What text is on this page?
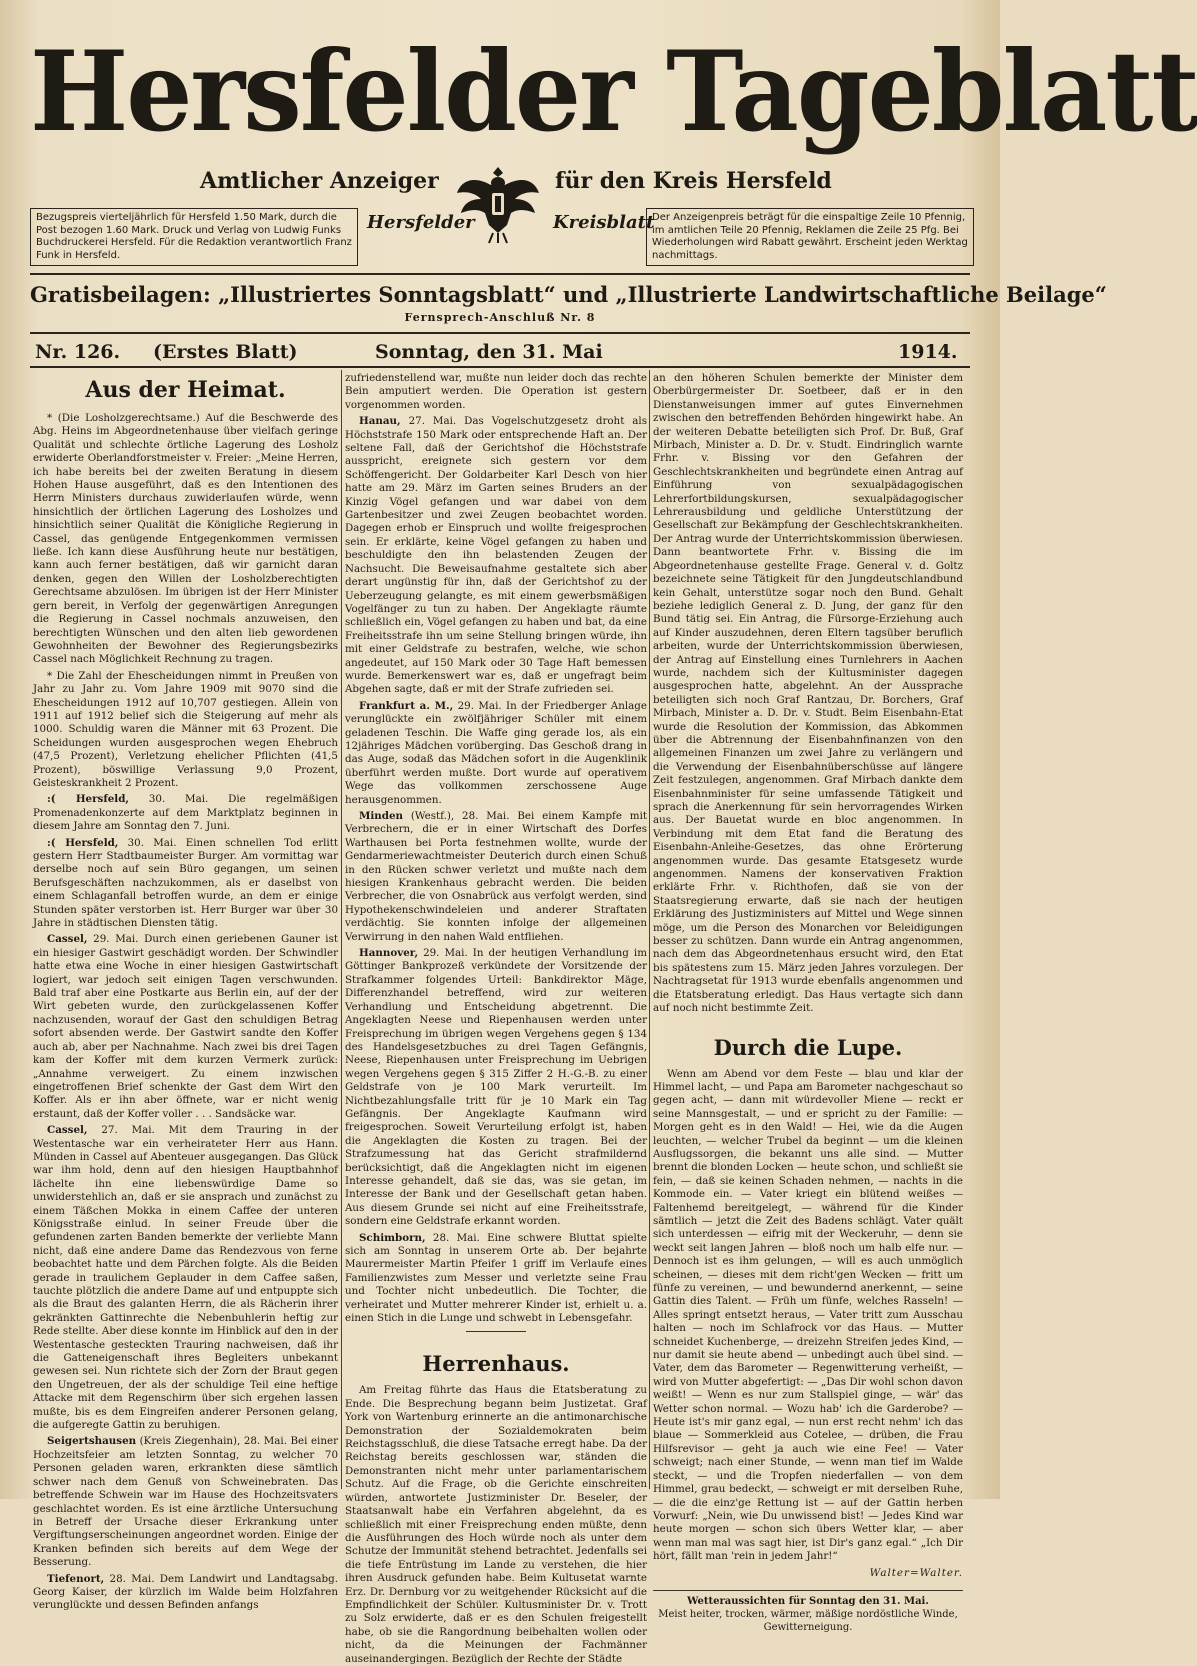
Hersfelder Tageblatt
Amtlicher Anzeiger	für den Kreis Hersfeld
Hersfelder	Kreisblatt
Bezugspreis vierteljährlich für Hersfeld 1.50 Mark, durch die Post bezogen 1.60 Mark. Druck und Verlag von Ludwig Funks Buchdruckerei Hersfeld. Für die Redaktion verantwortlich Franz Funk in Hersfeld.
Der Anzeigenpreis beträgt für die einspaltige Zeile 10 Pfennig, im amtlichen Teile 20 Pfennig, Reklamen die Zeile 25 Pfg. Bei Wiederholungen wird Rabatt gewährt. Erscheint jeden Werktag nachmittags.
Gratisbeilagen: „Illustriertes Sonntagsblatt“ und „Illustrierte Landwirtschaftliche Beilage“
Fernsprech-Anschluß Nr. 8
Nr. 126. (Erstes Blatt)	Sonntag, den 31. Mai	1914.
Aus der Heimat.

* (Die Losholzgerechtsame.) Auf die Beschwerde des Abg. Heins im Abgeordnetenhause über vielfach geringe Qualität und schlechte örtliche Lagerung des Losholz erwiderte Oberlandforstmeister v. Freier: „Meine Herren, ich habe bereits bei der zweiten Beratung in diesem Hohen Hause ausgeführt, daß es den Intentionen des Herrn Ministers durchaus zuwiderlaufen würde, wenn hinsichtlich der örtlichen Lagerung des Losholzes und hinsichtlich seiner Qualität die Königliche Regierung in Cassel, das genügende Entgegenkommen vermissen ließe. Ich kann diese Ausführung heute nur bestätigen, kann auch ferner bestätigen, daß wir garnicht daran denken, gegen den Willen der Losholzberechtigten Gerechtsame abzulösen. Im übrigen ist der Herr Minister gern bereit, in Verfolg der gegenwärtigen Anregungen die Regierung in Cassel nochmals anzuweisen, den berechtigten Wünschen und den alten lieb gewordenen Gewohnheiten der Bewohner des Regierungsbezirks Cassel nach Möglichkeit Rechnung zu tragen.

* Die Zahl der Ehescheidungen nimmt in Preußen von Jahr zu Jahr zu. Vom Jahre 1909 mit 9070 sind die Ehescheidungen 1912 auf 10,707 gestiegen. Allein von 1911 auf 1912 belief sich die Steigerung auf mehr als 1000. Schuldig waren die Männer mit 63 Prozent. Die Scheidungen wurden ausgesprochen wegen Ehebruch (47,5 Prozent), Verletzung ehelicher Pflichten (41,5 Prozent), böswillige Verlassung 9,0 Prozent, Geisteskrankheit 2 Prozent.

:( Hersfeld, 30. Mai. Die regelmäßigen Promenadenkonzerte auf dem Marktplatz beginnen in diesem Jahre am Sonntag den 7. Juni.

:( Hersfeld, 30. Mai. Einen schnellen Tod erlitt gestern Herr Stadtbaumeister Burger. Am vormittag war derselbe noch auf sein Büro gegangen, um seinen Berufsgeschäften nachzukommen, als er daselbst von einem Schlaganfall betroffen wurde, an dem er einige Stunden später verstorben ist. Herr Burger war über 30 Jahre in städtischen Diensten tätig.

Cassel, 29. Mai. Durch einen geriebenen Gauner ist ein hiesiger Gastwirt geschädigt worden. Der Schwindler hatte etwa eine Woche in einer hiesigen Gastwirtschaft logiert, war jedoch seit einigen Tagen verschwunden. Bald traf aber eine Postkarte aus Berlin ein, auf der der Wirt gebeten wurde, den zurückgelassenen Koffer nachzusenden, worauf der Gast den schuldigen Betrag sofort absenden werde. Der Gastwirt sandte den Koffer auch ab, aber per Nachnahme. Nach zwei bis drei Tagen kam der Koffer mit dem kurzen Vermerk zurück: „Annahme verweigert. Zu einem inzwischen eingetroffenen Brief schenkte der Gast dem Wirt den Koffer. Als er ihn aber öffnete, war er nicht wenig erstaunt, daß der Koffer voller . . . Sandsäcke war.

Cassel, 27. Mai. Mit dem Trauring in der Westentasche war ein verheirateter Herr aus Hann. Münden in Cassel auf Abenteuer ausgegangen. Das Glück war ihm hold, denn auf den hiesigen Hauptbahnhof lächelte ihn eine liebenswürdige Dame so unwiderstehlich an, daß er sie ansprach und zunächst zu einem Täßchen Mokka in einem Caffee der unteren Königsstraße einlud. In seiner Freude über die gefundenen zarten Banden bemerkte der verliebte Mann nicht, daß eine andere Dame das Rendezvous von ferne beobachtet hatte und dem Pärchen folgte. Als die Beiden gerade in traulichem Geplauder in dem Caffee saßen, tauchte plötzlich die andere Dame auf und entpuppte sich als die Braut des galanten Herrn, die als Rächerin ihrer gekränkten Gattinrechte die Nebenbuhlerin heftig zur Rede stellte. Aber diese konnte im Hinblick auf den in der Westentasche gesteckten Trauring nachweisen, daß ihr die Gatteneigenschaft ihres Begleiters unbekannt gewesen sei. Nun richtete sich der Zorn der Braut gegen den Ungetreuen, der als der schuldige Teil eine heftige Attacke mit dem Regenschirm über sich ergehen lassen mußte, bis es dem Eingreifen anderer Personen gelang, die aufgeregte Gattin zu beruhigen.

Seigertshausen (Kreis Ziegenhain), 28. Mai. Bei einer Hochzeitsfeier am letzten Sonntag, zu welcher 70 Personen geladen waren, erkrankten diese sämtlich schwer nach dem Genuß von Schweinebraten. Das betreffende Schwein war im Hause des Hochzeitsvaters geschlachtet worden. Es ist eine ärztliche Untersuchung in Betreff der Ursache dieser Erkrankung unter Vergiftungserscheinungen angeordnet worden. Einige der Kranken befinden sich bereits auf dem Wege der Besserung.

Tiefenort, 28. Mai. Dem Landwirt und Landtagsabg. Georg Kaiser, der kürzlich im Walde beim Holzfahren verunglückte und dessen Befinden anfangs

zufriedenstellend war, mußte nun leider doch das rechte Bein amputiert werden. Die Operation ist gestern vorgenommen worden.

Hanau, 27. Mai. Das Vogelschutzgesetz droht als Höchststrafe 150 Mark oder entsprechende Haft an. Der seltene Fall, daß der Gerichtshof die Höchststrafe ausspricht, ereignete sich gestern vor dem Schöffengericht. Der Goldarbeiter Karl Desch von hier hatte am 29. März im Garten seines Bruders an der Kinzig Vögel gefangen und war dabei von dem Gartenbesitzer und zwei Zeugen beobachtet worden. Dagegen erhob er Einspruch und wollte freigesprochen sein. Er erklärte, keine Vögel gefangen zu haben und beschuldigte den ihn belastenden Zeugen der Nachsucht. Die Beweisaufnahme gestaltete sich aber derart ungünstig für ihn, daß der Gerichtshof zu der Ueberzeugung gelangte, es mit einem gewerbsmäßigen Vogelfänger zu tun zu haben. Der Angeklagte räumte schließlich ein, Vögel gefangen zu haben und bat, da eine Freiheitsstrafe ihn um seine Stellung bringen würde, ihn mit einer Geldstrafe zu bestrafen, welche, wie schon angedeutet, auf 150 Mark oder 30 Tage Haft bemessen wurde. Bemerkenswert war es, daß er ungefragt beim Abgehen sagte, daß er mit der Strafe zufrieden sei.

Frankfurt a. M., 29. Mai. In der Friedberger Anlage verunglückte ein zwölfjähriger Schüler mit einem geladenen Teschin. Die Waffe ging gerade los, als ein 12jähriges Mädchen vorüberging. Das Geschoß drang in das Auge, sodaß das Mädchen sofort in die Augenklinik überführt werden mußte. Dort wurde auf operativem Wege das vollkommen zerschossene Auge herausgenommen.

Minden (Westf.), 28. Mai. Bei einem Kampfe mit Verbrechern, die er in einer Wirtschaft des Dorfes Warthausen bei Porta festnehmen wollte, wurde der Gendarmeriewachtmeister Deuterich durch einen Schuß in den Rücken schwer verletzt und mußte nach dem hiesigen Krankenhaus gebracht werden. Die beiden Verbrecher, die von Osnabrück aus verfolgt werden, sind Hypothekenschwindeleien und anderer Straftaten verdächtig. Sie konnten infolge der allgemeinen Verwirrung in den nahen Wald entfliehen.

Hannover, 29. Mai. In der heutigen Verhandlung im Göttinger Bankprozeß verkündete der Vorsitzende der Strafkammer folgendes Urteil: Bankdirektor Mäge, Differenzhandel betreffend, wird zur weiteren Verhandlung und Entscheidung abgetrennt. Die Angeklagten Neese und Riepenhausen werden unter Freisprechung im übrigen wegen Vergehens gegen § 134 des Handelsgesetzbuches zu drei Tagen Gefängnis, Neese, Riepenhausen unter Freisprechung im Uebrigen wegen Vergehens gegen § 315 Ziffer 2 H.-G.-B. zu einer Geldstrafe von je 100 Mark verurteilt. Im Nichtbezahlungsfalle tritt für je 10 Mark ein Tag Gefängnis. Der Angeklagte Kaufmann wird freigesprochen. Soweit Verurteilung erfolgt ist, haben die Angeklagten die Kosten zu tragen. Bei der Strafzumessung hat das Gericht strafmildernd berücksichtigt, daß die Angeklagten nicht im eigenen Interesse gehandelt, daß sie das, was sie getan, im Interesse der Bank und der Gesellschaft getan haben. Aus diesem Grunde sei nicht auf eine Freiheitsstrafe, sondern eine Geldstrafe erkannt worden.

Schimborn, 28. Mai. Eine schwere Bluttat spielte sich am Sonntag in unserem Orte ab. Der bejahrte Maurermeister Martin Pfeifer 1 griff im Verlaufe eines Familienzwistes zum Messer und verletzte seine Frau und Tochter nicht unbedeutlich. Die Tochter, die verheiratet und Mutter mehrerer Kinder ist, erhielt u. a. einen Stich in die Lunge und schwebt in Lebensgefahr.

Herrenhaus.

Am Freitag führte das Haus die Etatsberatung zu Ende. Die Besprechung begann beim Justizetat. Graf York von Wartenburg erinnerte an die antimonarchische Demonstration der Sozialdemokraten beim Reichstagsschluß, die diese Tatsache erregt habe. Da der Reichstag bereits geschlossen war, ständen die Demonstranten nicht mehr unter parlamentarischem Schutz. Auf die Frage, ob die Gerichte einschreiten würden, antwortete Justizminister Dr. Beseler, der Staatsanwalt habe ein Verfahren abgelehnt, da es schließlich mit einer Freisprechung enden müßte, denn die Ausführungen des Hoch würde noch als unter dem Schutze der Immunität stehend betrachtet. Jedenfalls sei die tiefe Entrüstung im Lande zu verstehen, die hier ihren Ausdruck gefunden habe. Beim Kultusetat warnte Erz. Dr. Dernburg vor zu weitgehender Rücksicht auf die Empfindlichkeit der Schüler. Kultusminister Dr. v. Trott zu Solz erwiderte, daß er es den Schulen freigestellt habe, ob sie die Rangordnung beibehalten wollen oder nicht, da die Meinungen der Fachmänner auseinandergingen. Bezüglich der Rechte der Städte

an den höheren Schulen bemerkte der Minister dem Oberbürgermeister Dr. Soetbeer, daß er in den Dienstanweisungen immer auf gutes Einvernehmen zwischen den betreffenden Behörden hingewirkt habe. An der weiteren Debatte beteiligten sich Prof. Dr. Buß, Graf Mirbach, Minister a. D. Dr. v. Studt. Eindringlich warnte Frhr. v. Bissing vor den Gefahren der Geschlechtskrankheiten und begründete einen Antrag auf Einführung von sexualpädagogischen Lehrerfortbildungskursen, sexualpädagogischer Lehrerausbildung und geldliche Unterstützung der Gesellschaft zur Bekämpfung der Geschlechtskrankheiten. Der Antrag wurde der Unterrichtskommission überwiesen. Dann beantwortete Frhr. v. Bissing die im Abgeordnetenhause gestellte Frage. General v. d. Goltz bezeichnete seine Tätigkeit für den Jungdeutschlandbund kein Gehalt, unterstütze sogar noch den Bund. Gehalt beziehe lediglich General z. D. Jung, der ganz für den Bund tätig sei. Ein Antrag, die Fürsorge-Erziehung auch auf Kinder auszudehnen, deren Eltern tagsüber beruflich arbeiten, wurde der Unterrichtskommission überwiesen, der Antrag auf Einstellung eines Turnlehrers in Aachen wurde, nachdem sich der Kultusminister dagegen ausgesprochen hatte, abgelehnt. An der Aussprache beteiligten sich noch Graf Rantzau, Dr. Borchers, Graf Mirbach, Minister a. D. Dr. v. Studt. Beim Eisenbahn-Etat wurde die Resolution der Kommission, das Abkommen über die Abtrennung der Eisenbahnfinanzen von den allgemeinen Finanzen um zwei Jahre zu verlängern und die Verwendung der Eisenbahnüberschüsse auf längere Zeit festzulegen, angenommen. Graf Mirbach dankte dem Eisenbahnminister für seine umfassende Tätigkeit und sprach die Anerkennung für sein hervorragendes Wirken aus. Der Bauetat wurde en bloc angenommen. In Verbindung mit dem Etat fand die Beratung des Eisenbahn-Anleihe-Gesetzes, das ohne Erörterung angenommen wurde. Das gesamte Etatsgesetz wurde angenommen. Namens der konservativen Fraktion erklärte Frhr. v. Richthofen, daß sie von der Staatsregierung erwarte, daß sie nach der heutigen Erklärung des Justizministers auf Mittel und Wege sinnen möge, um die Person des Monarchen vor Beleidigungen besser zu schützen. Dann wurde ein Antrag angenommen, nach dem das Abgeordnetenhaus ersucht wird, den Etat bis spätestens zum 15. März jeden Jahres vorzulegen. Der Nachtragsetat für 1913 wurde ebenfalls angenommen und die Etatsberatung erledigt. Das Haus vertagte sich dann auf noch nicht bestimmte Zeit.

Durch die Lupe.

Wenn am Abend vor dem Feste — blau und klar der Himmel lacht, — und Papa am Barometer nachgeschaut so gegen acht, — dann mit würdevoller Miene — reckt er seine Mannsgestalt, — und er spricht zu der Familie: — Morgen geht es in den Wald! — Hei, wie da die Augen leuchten, — welcher Trubel da beginnt — um die kleinen Ausflugssorgen, die bekannt uns alle sind. — Mutter brennt die blonden Locken — heute schon, und schließt sie fein, — daß sie keinen Schaden nehmen, — nachts in die Kommode ein. — Vater kriegt ein blütend weißes — Faltenhemd bereitgelegt, — während für die Kinder sämtlich — jetzt die Zeit des Badens schlägt. Vater quält sich unterdessen — eifrig mit der Weckeruhr, — denn sie weckt seit langen Jahren — bloß noch um halb elfe nur. — Dennoch ist es ihm gelungen, — will es auch unmöglich scheinen, — dieses mit dem richt'gen Wecken — fritt um fünfe zu vereinen, — und bewundernd anerkennt, — seine Gattin dies Talent. — Früh um fünfe, welches Rasseln! — Alles springt entsetzt heraus, — Vater tritt zum Ausschau halten — noch im Schlafrock vor das Haus. — Mutter schneidet Kuchenberge, — dreizehn Streifen jedes Kind, — nur damit sie heute abend — unbedingt auch übel sind. — Vater, dem das Barometer — Regenwitterung verheißt, — wird von Mutter abgefertigt: — „Das Dir wohl schon davon weißt! — Wenn es nur zum Stallspiel ginge, — wär' das Wetter schon normal. — Wozu hab' ich die Garderobe? — Heute ist's mir ganz egal, — nun erst recht nehm' ich das blaue — Sommerkleid aus Cotelee, — drüben, die Frau Hilfsrevisor — geht ja auch wie eine Fee! — Vater schweigt; nach einer Stunde, — wenn man tief im Walde steckt, — und die Tropfen niederfallen — von dem Himmel, grau bedeckt, — schweigt er mit derselben Ruhe, — die die einz'ge Rettung ist — auf der Gattin herben Vorwurf: „Nein, wie Du unwissend bist! — Jedes Kind war heute morgen — schon sich übers Wetter klar, — aber wenn man mal was sagt hier, ist Dir's ganz egal.“ „Ich Dir hört, fällt man 'rein in jedem Jahr!“

Walter=Walter.

Wetteraussichten für Sonntag den 31. Mai.
Meist heiter, trocken, wärmer, mäßige nordöstliche Winde, Gewitterneigung.
